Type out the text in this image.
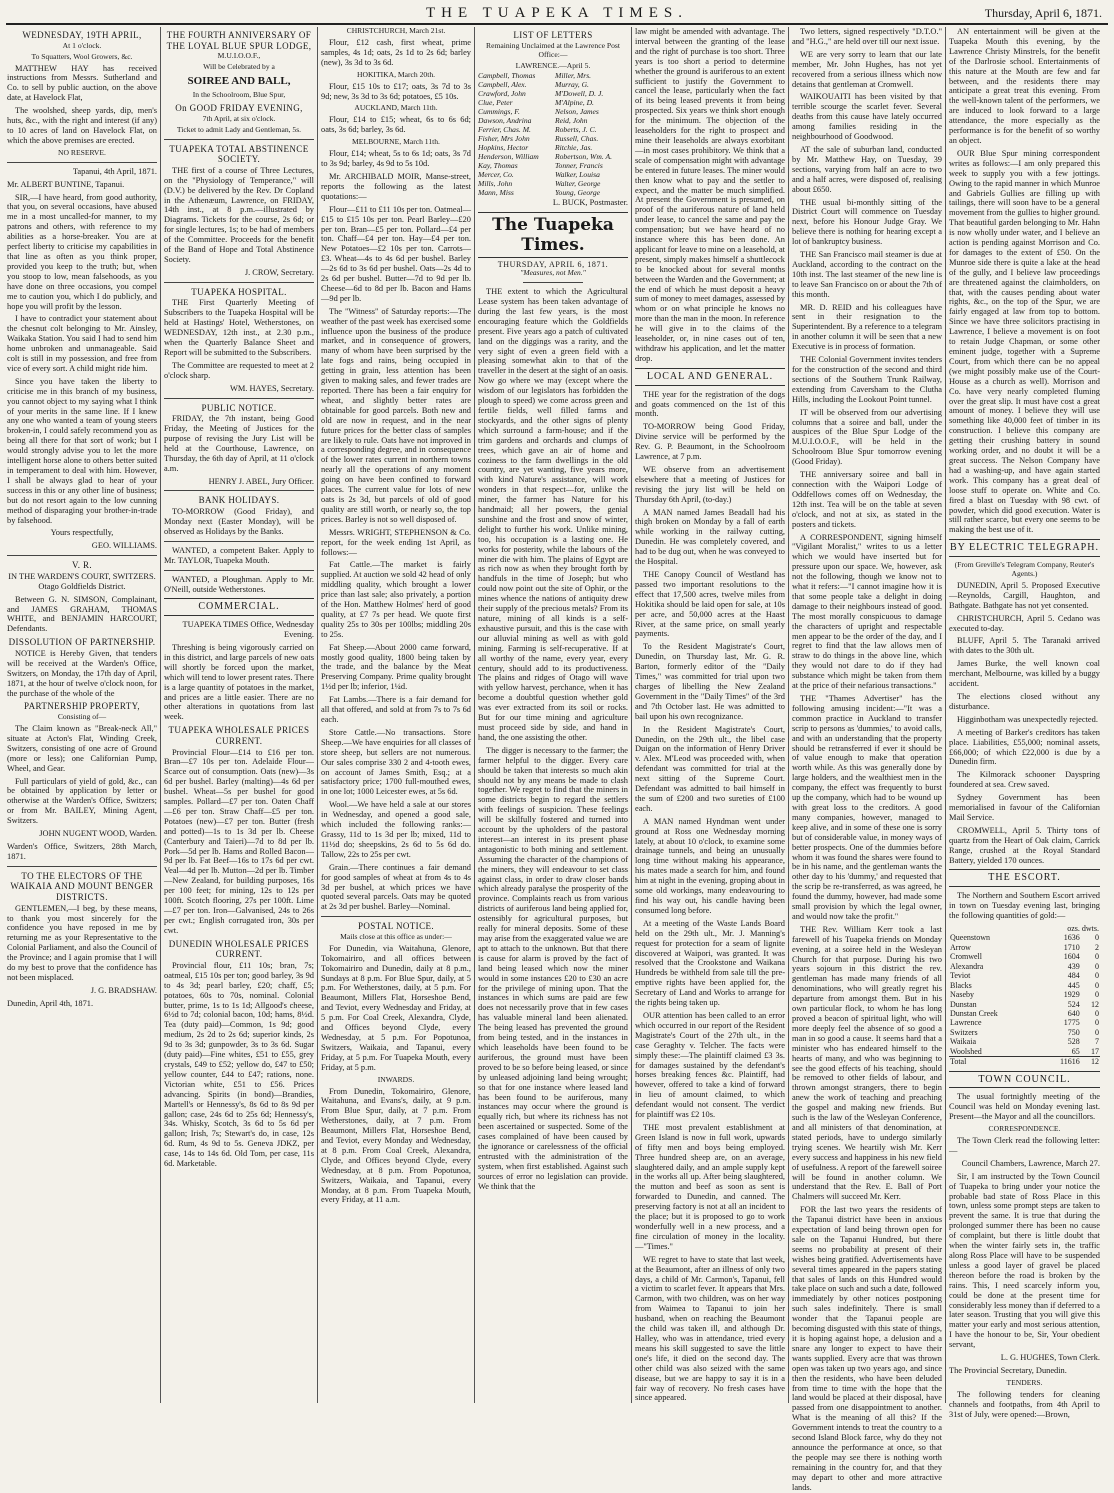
THE TUAPEKA TIMES.	Thursday, April 6, 1871.
WEDNESDAY, 19TH APRIL,
At 1 o'clock.
To Squatters, Wool Growers, &c.

MATTHEW HAY has received instructions from Messrs. Sutherland and Co. to sell by public auction, on the above date, at Havelock Flat,

The woolshed, sheep yards, dip, men's huts, &c., with the right and interest (if any) to 10 acres of land on Havelock Flat, on which the above premises are erected.

NO RESERVE.

Tapanui, 4th April, 1871.

Mr. ALBERT BUNTINE, Tapanui.

SIR,—I have heard, from good authority, that you, on several occasions, have abused me in a most uncalled-for manner, to my patrons and others, with reference to my abilities as a horse-breaker. You are at perfect liberty to criticise my capabilities in that line as often as you think proper, provided you keep to the truth; but, when you stoop to low, mean falsehoods, as you have done on three occasions, you compel me to caution you, which I do publicly, and hope you will profit by the lesson.

I have to contradict your statement about the chesnut colt belonging to Mr. Ainsley, Waikaka Station. You said I had to send him home unbroken and unmanageable. Said colt is still in my possession, and free from vice of every sort. A child might ride him.

Since you have taken the liberty to criticise me in this branch of my business, you cannot object to my saying what I think of your merits in the same line. If I knew any one who wanted a team of young steers broken-in, I could safely recommend you as being all there for that sort of work; but I would strongly advise you to let the more intelligent horse alone to others better suited in temperament to deal with him. However, I shall be always glad to hear of your success in this or any other line of business; but do not resort again to the low cunning method of disparaging your brother-in-trade by falsehood.

Yours respectfully,

GEO. WILLIAMS.

V. R.

IN THE WARDEN'S COURT, SWITZERS. Otago Goldfields District.

Between G. N. SIMSON, Complainant, and JAMES GRAHAM, THOMAS WHITE, and BENJAMIN HARCOURT, Defendants.

DISSOLUTION OF PARTNERSHIP.

NOTICE is Hereby Given, that tenders will be received at the Warden's Office, Switzers, on Monday, the 17th day of April, 1871, at the hour of twelve o'clock noon, for the purchase of the whole of the

PARTNERSHIP PROPERTY,
Consisting of—

The Claim known as "Break-neck All," situate at Acton's Flat, Winding Creek, Switzers, consisting of one acre of Ground (more or less); one Californian Pump, Wheel, and Gear.

Full particulars of yield of gold, &c., can be obtained by application by letter or otherwise at the Warden's Office, Switzers; or from Mr. BAILEY, Mining Agent, Switzers.

JOHN NUGENT WOOD, Warden.

Warden's Office, Switzers, 28th March, 1871.

TO THE ELECTORS OF THE WAIKAIA AND MOUNT BENGER DISTRICTS.

GENTLEMEN,—I beg, by these means, to thank you most sincerely for the confidence you have reposed in me by returning me as your Representative to the Colonial Parliament, and also the Council of the Province; and I again promise that I will do my best to prove that the confidence has not been misplaced.

J. G. BRADSHAW.

Dunedin, April 4th, 1871.

THE FOURTH ANNIVERSARY OF THE LOYAL BLUE SPUR LODGE,
M.U.I.O.O.F.,
Will be Celebrated by a
SOIREE AND BALL,
In the Schoolroom, Blue Spur,
On GOOD FRIDAY EVENING,
7th April, at six o'clock.
Ticket to admit Lady and Gentleman, 5s.
TUAPEKA TOTAL ABSTINENCE SOCIETY.

THE first of a course of Three Lectures, on the "Physiology of Temperance," will (D.V.) be delivered by the Rev. Dr Copland in the Athenæum, Lawrence, on FRIDAY, 14th inst., at 8 p.m.—illustrated by Diagrams. Tickets for the course, 2s 6d; or for single lectures, 1s; to be had of members of the Committee. Proceeds for the benefit of the Band of Hope and Total Abstinence Society.

J. CROW, Secretary.

TUAPEKA HOSPITAL.

THE First Quarterly Meeting of Subscribers to the Tuapeka Hospital will be held at Hastings' Hotel, Wetherstones, on WEDNESDAY, 12th inst., at 2.30 p.m., when the Quarterly Balance Sheet and Report will be submitted to the Subscribers.

The Committee are requested to meet at 2 o'clock sharp.

WM. HAYES, Secretary.

PUBLIC NOTICE.

FRIDAY, the 7th instant, being Good Friday, the Meeting of Justices for the purpose of revising the Jury List will be held at the Courthouse, Lawrence, on Thursday, the 6th day of April, at 11 o'clock a.m.

HENRY J. ABEL, Jury Officer.

BANK HOLIDAYS.

TO-MORROW (Good Friday), and Monday next (Easter Monday), will be observed as Holidays by the Banks.

WANTED, a competent Baker. Apply to Mr. TAYLOR, Tuapeka Mouth.

WANTED, a Ploughman. Apply to Mr. O'Neill, outside Wetherstones.

COMMERCIAL.

TUAPEKA TIMES Office, Wednesday Evening.

Threshing is being vigorously carried on in this district, and large parcels of new oats will shortly be forced upon the market, which will tend to lower present rates. There is a large quantity of potatoes in the market, and prices are a little easier. There are no other alterations in quotations from last week.

TUAPEKA WHOLESALE PRICES CURRENT.

Provincial Flour—£14 to £16 per ton. Bran—£7 10s per ton. Adelaide Flour—Scarce out of consumption. Oats (new)—3s 6d per bushel. Barley (malting)—4s 6d per bushel. Wheat—5s per bushel for good samples. Pollard—£7 per ton. Oaten Chaff—£6 per ton. Straw Chaff—£5 per ton. Potatoes (new)—£7 per ton. Butter (fresh and potted)—1s to 1s 3d per lb. Cheese (Canterbury and Taieri)—7d to 8d per lb. Pork—5d per lb. Hams and Rolled Bacon—9d per lb. Fat Beef—16s to 17s 6d per cwt. Veal—4d per lb. Mutton—2d per lb. Timber—New Zealand, for building purposes, 16s per 100 feet; for mining, 12s to 12s per 100ft. Scotch flooring, 27s per 100ft. Lime—£7 per ton. Iron—Galvanised, 24s to 26s per cwt.; English corrugated iron, 30s per cwt.

DUNEDIN WHOLESALE PRICES CURRENT.

Provincial flour, £11 10s; bran, 7s; oatmeal, £15 10s per ton; good barley, 3s 9d to 4s 3d; pearl barley, £20; chaff, £5; potatoes, 60s to 70s, nominal. Colonial butter, prime, 1s to 1s 1d; Allgood's cheese, 6½d to 7d; colonial bacon, 10d; hams, 8½d. Tea (duty paid)—Common, 1s 9d; good medium, 2s 2d to 2s 6d; superior kinds, 2s 9d to 3s 3d; gunpowder, 3s to 3s 6d. Sugar (duty paid)—Fine whites, £51 to £55, grey crystals, £49 to £52; yellow do, £47 to £50; yellow counter, £44 to £47; rations, none. Victorian white, £51 to £56. Prices advancing. Spirits (in bond)—Brandies, Martell's or Hennessy's, 8s 6d to 8s 9d per gallon; case, 24s 6d to 25s 6d; Hennessy's, 34s. Whisky, Scotch, 3s 6d to 5s 6d per gallon; Irish, 7s; Stewart's do, in case, 12s 6d. Rum, 4s 9d to 5s. Geneva JDKZ, per case, 14s to 14s 6d. Old Tom, per case, 11s 6d. Marketable.

CHRISTCHURCH, March 21st.

Flour, £12 cash, first wheat, prime samples, 4s 1d; oats, 2s 1d to 2s 6d; barley (new), 3s 3d to 3s 6d.

HOKITIKA, March 20th.

Flour, £15 10s to £17; oats, 3s 7d to 3s 9d; new, 3s 3d to 3s 6d; potatoes, £5 10s.

AUCKLAND, March 11th.

Flour, £14 to £15; wheat, 6s to 6s 6d; oats, 3s 6d; barley, 3s 6d.

MELBOURNE, March 11th.

Flour, £14; wheat, 5s to 6s 1d; oats, 3s 7d to 3s 9d; barley, 4s 9d to 5s 10d.

Mr. ARCHIBALD MOIR, Manse-street, reports the following as the latest quotations:—

Flour—£11 to £11 10s per ton. Oatmeal—£15 to £15 10s per ton. Pearl Barley—£20 per ton. Bran—£5 per ton. Pollard—£4 per ton. Chaff—£4 per ton. Hay—£4 per ton. New Potatoes—£2 10s per ton. Carrots—£3. Wheat—4s to 4s 6d per bushel. Barley—2s 6d to 3s 6d per bushel. Oats—2s 4d to 2s 6d per bushel. Butter—7d to 9d per lb. Cheese—6d to 8d per lb. Bacon and Hams—9d per lb.

The "Witness" of Saturday reports:—The weather of the past week has exercised some influence upon the business of the produce market, and in consequence of growers, many of whom have been surprised by the late fogs and rains, being occupied in getting in grain, less attention has been given to making sales, and fewer trades are reported. There has been a fair enquiry for wheat, and slightly better rates are obtainable for good parcels. Both new and old are now in request, and in the near future prices for the better class of samples are likely to rule. Oats have not improved in a corresponding degree, and in consequence of the lower rates current in northern towns nearly all the operations of any moment going on have been confined to forward places. The current value for lots of new oats is 2s 3d, but parcels of old of good quality are still worth, or nearly so, the top prices. Barley is not so well disposed of.

Messrs. WRIGHT, STEPHENSON & Co. report, for the week ending 1st April, as follows:—

Fat Cattle.—The market is fairly supplied. At auction we sold 42 head of only middling quality, which brought a lower price than last sale; also privately, a portion of the Hon. Matthew Holmes' herd of good quality, at £7 7s per head. We quote first quality 25s to 30s per 100lbs; middling 20s to 25s.

Fat Sheep.—About 2000 came forward, mostly good quality, 1800 being taken by the trade, and the balance by the Meat Preserving Company. Prime quality brought 1½d per lb; inferior, 1¼d.

Fat Lambs.—There is a fair demand for all that offered, and sold at from 7s to 7s 6d each.

Store Cattle.—No transactions. Store Sheep.—We have enquiries for all classes of store sheep, but sellers are not numerous. Our sales comprise 330 2 and 4-tooth ewes, on account of James Smith, Esq.; at a satisfactory price; 1700 full-mouthed ewes, in one lot; 1000 Leicester ewes, at 5s 6d.

Wool.—We have held a sale at our stores in Wednesday, and opened a good sale, which included the following ranks:—Grassy, 11d to 1s 3d per lb; mixed, 11d to 11½d do; sheepskins, 2s 6d to 5s 6d do. Tallow, 22s to 25s per cwt.

Grain.—There continues a fair demand for good samples of wheat at from 4s to 4s 3d per bushel, at which prices we have quoted several parcels. Oats may be quoted at 2s 3d per bushel. Barley—Nominal.

POSTAL NOTICE.
Mails close at this office as under:—

For Dunedin, via Waitahuna, Glenore, Tokomairiro, and all offices between Tokomairiro and Dunedin, daily at 8 p.m., Sundays at 8 p.m. For Blue Spur, daily, at 5 p.m. For Wetherstones, daily, at 5 p.m. For Beaumont, Millers Flat, Horseshoe Bend, and Teviot, every Wednesday and Friday, at 5 p.m. For Coal Creek, Alexandra, Clyde, and Offices beyond Clyde, every Wednesday, at 5 p.m. For Popotunoa, Switzers, Waikaia, and Tapanui, every Friday, at 5 p.m. For Tuapeka Mouth, every Friday, at 5 p.m.

INWARDS.

From Dunedin, Tokomairiro, Glenore, Waitahuna, and Evans's, daily, at 9 p.m. From Blue Spur, daily, at 7 p.m. From Wetherstones, daily, at 7 p.m. From Beaumont, Millers Flat, Horseshoe Bend, and Teviot, every Monday and Wednesday, at 8 p.m. From Coal Creek, Alexandra, Clyde, and Offices beyond Clyde, every Wednesday, at 8 p.m. From Popotunoa, Switzers, Waikaia, and Tapanui, every Monday, at 8 p.m. From Tuapeka Mouth, every Friday, at 11 a.m.

LIST OF LETTERS
Remaining Unclaimed at the Lawrence Post Office:—
LAWRENCE.—April 5.
Campbell, Thomas	Miller, Mrs.
Campbell, Alex.	Murray, G.
Crawford, John	M'Dowell, D. J.
Clue, Peter	M'Alpine, D.
Cummings, F.	Nelson, James
Dawson, Andrina	Reid, John
Ferrier, Chas. M.	Roberts, J. C.
Fisher, Mrs John	Russell, Chas.
Hopkins, Hector	Ritchie, Jas.
Henderson, William	Robertson, Wm. A.
Kay, Thomas	Tonner, Francis
Mercer, Co.	Walker, Louisa
Mills, John	Walter, George
Mann, Miss	Young, George

L. BUCK, Postmaster.

The Tuapeka Times.
THURSDAY, APRIL 6, 1871.
"Measures, not Men."

THE extent to which the Agricultural Lease system has been taken advantage of during the last few years, is the most encouraging feature which the Goldfields present. Five years ago a patch of cultivated land on the diggings was a rarity, and the very sight of even a green field with a pleasing somewhat akin to that of the traveller in the desert at the sight of an oasis. Now go where we may (except where the wisdom of our legislators has forbidden the plough to speed) we come across green and fertile fields, well filled farms and stockyards, and the other signs of plenty which surround a farm-house; and if the trim gardens and orchards and clumps of trees, which gave an air of home and coziness to the farm dwellings in the old country, are yet wanting, five years more, with kind Nature's assistance, will work wonders in that respect—for, unlike the miner, the farmer has Nature for his handmaid; all her powers, the genial sunshine and the frost and snow of winter, delight to further his work. Unlike mining, too, his occupation is a lasting one. He works for posterity, while the labours of the miner die with him. The plains of Egypt are as rich now as when they brought forth by handfuls in the time of Joseph; but who could now point out the site of Ophir, or the mines whence the nations of antiquity drew their supply of the precious metals? From its nature, mining of all kinds is a self-exhaustive pursuit, and this is the case with our alluvial mining as well as with gold mining. Farming is self-recuperative. If at all worthy of the name, every year, every century, should add to its productiveness. The plains and ridges of Otago will wave with yellow harvest, perchance, when it has become a doubtful question whether gold was ever extracted from its soil or rocks. But for our time mining and agriculture must proceed side by side, and hand in hand, the one assisting the other.

The digger is necessary to the farmer; the farmer helpful to the digger. Every care should be taken that interests so much akin should not by any means be made to clash together. We regret to find that the miners in some districts begin to regard the settlers with feelings of suspicion. These feelings will be skilfully fostered and turned into account by the upholders of the pastoral interest—an interest in its present phase antagonistic to both mining and settlement. Assuming the character of the champions of the miners, they will endeavour to set class against class, in order to draw closer bands which already paralyse the prosperity of the province. Complaints reach us from various districts of auriferous land being applied for, ostensibly for agricultural purposes, but really for mineral deposits. Some of these may arise from the exaggerated value we are apt to attach to the unknown. But that there is cause for alarm is proved by the fact of land being leased which now the miner would in some instances £20 to £30 an acre for the privilege of mining upon. That the instances in which sums are paid are few does not necessarily prove that in few cases has valuable mineral land been alienated. The being leased has prevented the ground from being tested, and in the instances in which leaseholds have been found to be auriferous, the ground must have been proved to be so before being leased, or since by unleased adjoining land being wrought; so that for one instance where leased land has been found to be auriferous, many instances may occur where the ground is equally rich, but where its richness has not been ascertained or suspected. Some of the cases complained of have been caused by the ignorance or carelessness of the official entrusted with the administration of the system, when first established. Against such sources of error no legislation can provide. We think that the

law might be amended with advantage. The interval between the granting of the lease and the right of purchase is too short. Three years is too short a period to determine whether the ground is auriferous to an extent sufficient to justify the Government to cancel the lease, particularly when the fact of its being leased prevents it from being prospected. Six years we think short enough for the minimum. The objection of the leaseholders for the right to prospect and mine their leaseholds are always exorbitant—in most cases prohibitory. We think that a scale of compensation might with advantage be entered in future leases. The miner would then know what to pay and the settler to expect, and the matter be much simplified. At present the Government is presumed, on proof of the auriferous nature of land held under lease, to cancel the same and pay the compensation; but we have heard of no instance where this has been done. An applicant for leave to mine on a leasehold, at present, simply makes himself a shuttlecock to be knocked about for several months between the Warden and the Government; at the end of which he must deposit a heavy sum of money to meet damages, assessed by whom or on what principle he knows no more than the man in the moon. In reference he will give in to the claims of the leaseholder, or, in nine cases out of ten, withdraw his application, and let the matter drop.

LOCAL AND GENERAL.

THE year for the registration of the dogs and goats commenced on the 1st of this month.

TO-MORROW being Good Friday, Divine service will be performed by the Rev. G. P. Beaumont, in the Schoolroom Lawrence, at 7 p.m.

WE observe from an advertisement elsewhere that a meeting of Justices for revising the jury list will be held on Thursday 6th April, (to-day.)

A MAN named James Beadall had his thigh broken on Monday by a fall of earth while working in the railway cutting, Dunedin. He was completely covered, and had to be dug out, when he was conveyed to the Hospital.

THE Canopy Council of Westland has passed two important resolutions to the effect that 17,500 acres, twelve miles from Hokitika should be laid open for sale, at 10s per acre, and 50,000 acres at the Haast River, at the same price, on small yearly payments.

To the Resident Magistrate's Court, Dunedin, on Thursday last, Mr. G. R. Barton, formerly editor of the "Daily Times," was committed for trial upon two charges of libelling the New Zealand Government in the "Daily Times" of the 3rd and 7th October last. He was admitted to bail upon his own recognizance.

In the Resident Magistrate's Court, Dunedin, on the 29th ult., the libel case Duigan on the information of Henry Driver v. Alex. M'Leod was proceeded with, when defendant was committed for trial at the next sitting of the Supreme Court. Defendant was admitted to bail himself in the sum of £200 and two sureties of £100 each.

A MAN named Hyndman went under ground at Ross one Wednesday morning lately, at about 10 o'clock, to examine some drainage tunnels, and being an unusually long time without making his appearance, his mates made a search for him, and found him at night in the evening, groping about in some old workings, many endeavouring to find his way out, his candle having been consumed long before.

At a meeting of the Waste Lands Board held on the 29th ult., Mr. J. Manning's request for protection for a seam of lignite discovered at Waipori, was granted. It was resolved that the Crookstone and Waikana Hundreds be withheld from sale till the pre-emptive rights have been applied for, the Secretary of Land and Works to arrange for the rights being taken up.

OUR attention has been called to an error which occurred in our report of the Resident Magistrate's Court of the 27th ult., in the case Geraghty v. Telcher. The facts were simply these:—The plaintiff claimed £3 3s. for damages sustained by the defendant's horses breaking fences &c. Plaintiff, had however, offered to take a kind of forward in lieu of amount claimed, to which defendant would not consent. The verdict for plaintiff was £2 10s.

THE most prevalent establishment at Green Island is now in full work, upwards of fifty men and boys being employed. Three hundred sheep are, on an average, slaughtered daily, and an ample supply kept in the works all up. After being slaughtered, the mutton and beef as soon as sent is forwarded to Dunedin, and canned. The preserving factory is not at all an incident to the place; but it is proposed to go to work wonderfully well in a new process, and a fine circulation of money in the locality.—"Times."

WE regret to have to state that last week, at the Beaumont, after an illness of only two days, a child of Mr. Carmon's, Tapanui, fell a victim to scarlet fever. It appears that Mrs. Carmon, with two children, was on her way from Waimea to Tapanui to join her husband, when on reaching the Beaumont the child was taken ill, and although Dr. Halley, who was in attendance, tried every means his skill suggested to save the little one's life, it died on the second day. The other child was also seized with the same disease, but we are happy to say it is in a fair way of recovery. No fresh cases have since appeared.

Two letters, signed respectively "D.T.O." and "H.G.," are held over till our next issue.

WE are very sorry to learn that our late member, Mr. John Hughes, has not yet recovered from a serious illness which now detains that gentleman at Cromwell.

WAIKOUAITI has been visited by that terrible scourge the scarlet fever. Several deaths from this cause have lately occurred among families residing in the neighbourhood of Goodwood.

AT the sale of suburban land, conducted by Mr. Matthew Hay, on Tuesday, 39 sections, varying from half an acre to two and a half acres, were disposed of, realising about £650.

THE usual bi-monthly sitting of the District Court will commence on Tuesday next, before his Honour Judge Gray. We believe there is nothing for hearing except a lot of bankruptcy business.

THE San Francisco mail steamer is due at Auckland, according to the contract on the 10th inst. The last steamer of the new line is to leave San Francisco on or about the 7th of this month.

MR. D. REID and his colleagues have sent in their resignation to the Superintendent. By a reference to a telegram in another column it will be seen that a new Executive is in process of formation.

THE Colonial Government invites tenders for the construction of the second and third sections of the Southern Trunk Railway, extending from Caversham to the Clutha Hills, including the Lookout Point tunnel.

IT will be observed from our advertising columns that a soiree and ball, under the auspices of the Blue Spur Lodge of the M.U.I.O.O.F., will be held in the Schoolroom Blue Spur tomorrow evening (Good Friday).

THE anniversary soiree and ball in connection with the Waipori Lodge of Oddfellows comes off on Wednesday, the 12th inst. Tea will be on the table at seven o'clock, and not at six, as stated in the posters and tickets.

A CORRESPONDENT, signing himself "Vigilant Moralist," writes to us a letter which we would have inserted but for pressure upon our space. We, however, ask not the following, though we know not to what it refers:—"I cannot imagine how it is that some people take a delight in doing damage to their neighbours instead of good. The most morally conspicuous to damage the characters of upright and respectable men appear to be the order of the day, and I regret to find that the law allows men of straw to do things in the above line, which they would not dare to do if they had substance which might be taken from them at the price of their nefarious transactions."

THE "Thames Advertiser" has the following amusing incident:—"It was a common practice in Auckland to transfer scrip to persons as 'dummies,' to avoid calls, and with an understanding that the property should be retransferred if ever it should be of value enough to make that operation worth while. As this was generally done by large holders, and the wealthiest men in the company, the effect was frequently to burst up the company, which had to be wound up with great loss to the creditors. A good many companies, however, managed to keep alive, and in some of these one is sorry but of considerable value, in money ways of better prospects. One of the dummies before whom it was found the shares were found to be in his name, and the gentleman wants the other day to his 'dummy,' and requested that the scrip be re-transferred, as was agreed, he found the dummy, however, had made some small provision by which the legal owner, and would now take the profit."

THE Rev. William Kerr took a last farewell of his Tuapeka friends on Monday evening, at a soiree held in the Wesleyan Church for that purpose. During his two years sojourn in this district the rev. gentleman has made many friends of all denominations, who will greatly regret his departure from amongst them. But in his own particular flock, to whom he has long proved a beacon of spiritual light, who will more deeply feel the absence of so good a man in so good a cause. It seems hard that a minister who has endeared himself to the hearts of many, and who was beginning to see the good effects of his teaching, should be removed to other fields of labour, and thrown amongst strangers, there to begin anew the work of teaching and preaching the gospel and making new friends. But such is the law of the Wesleyan Conference, and all ministers of that denomination, at stated periods, have to undergo similarly trying scenes. We heartily wish Mr. Kerr every success and happiness in his new field of usefulness. A report of the farewell soiree will be found in another column. We understand that the Rev. E. Ball of Port Chalmers will succeed Mr. Kerr.

FOR the last two years the residents of the Tapanui district have been in anxious expectation of land being thrown open for sale on the Tapanui Hundred, but there seems no probability at present of their wishes being gratified. Advertisements have several times appeared in the papers stating that sales of lands on this Hundred would take place on such and such a date, followed immediately by other notices postponing such sales indefinitely. There is small wonder that the Tapanui people are becoming disgusted with this state of things, it is hoping against hope, a delusion and a snare any longer to expect to have their wants supplied. Every acre that was thrown open was taken up two years ago, and since then the residents, who have been deluded from time to time with the hope that the land would be placed at their disposal, have passed from one disappointment to another. What is the meaning of all this? If the Government intends to treat the country to a second Island Block farce, why do they not announce the performance at once, so that the people may see there is nothing worth remaining in the country for, and that they may depart to other and more attractive lands.

AN entertainment will be given at the Tuapeka Mouth this evening, by the Lawrence Christy Minstrels, for the benefit of the Darlrosie school. Entertainments of this nature at the Mouth are few and far between, and the residents there may anticipate a great treat this evening. From the well-known talent of the performers, we are induced to look forward to a large attendance, the more especially as the performance is for the benefit of so worthy an object.

OUR Blue Spur mining correspondent writes as follows:—I am only prepared this week to supply you with a few jottings. Owing to the rapid manner in which Munroe and Gabriels Gullies are filling up with tailings, there will soon have to be a general movement from the gullies to higher ground. That beautiful garden belonging to Mr. Hahn is now wholly under water, and I believe an action is pending against Morrison and Co. for damages to the extent of £50. On the Munroe side there is quite a lake at the head of the gully, and I believe law proceedings are threatened against the claimholders, on that, with the causes pending about water rights, &c., on the top of the Spur, we are fairly engaged at law from top to bottom. Since we have three solicitors practising in Lawrence, I believe a movement is on foot to retain Judge Chapman, or some other eminent judge, together with a Supreme Court, from which there can be no appeal (we might possibly make use of the Court-House as a church as well). Morrison and Co. have very nearly completed fluming over the great slip. It must have cost a great amount of money. I believe they will use something like 40,000 feet of timber in its construction. I believe this company are getting their crushing battery in sound working order, and no doubt it will be a great success. The Nelson Company have had a washing-up, and have again started work. This company has a great deal of loose stuff to operate on. White and Co. fired a blast on Tuesday with 98 cwt. of powder, which did good execution. Water is still rather scarce, but every one seems to be making the best use of it.

BY ELECTRIC TELEGRAPH.
(From Greville's Telegram Company, Reuter's Agents.)

DUNEDIN, April 5. Proposed Executive—Reynolds, Cargill, Haughton, and Bathgate. Bathgate has not yet consented.

CHRISTCHURCH, April 5. Cedano was executed to-day.

BLUFF, April 5. The Taranaki arrived with dates to the 30th ult.

James Burke, the well known coal merchant, Melbourne, was killed by a buggy accident.

The elections closed without any disturbance.

Higginbotham was unexpectedly rejected.

A meeting of Barker's creditors has taken place. Liabilities, £55,000; nominal assets, £66,000; of which £22,000 is due by a Dunedin firm.

The Kilmorack schooner Dayspring foundered at sea. Crew saved.

Sydney Government has been memorialised in favour of the Californian Mail Service.

CROMWELL, April 5. Thirty tons of quartz from the Heart of Oak claim, Carrick Range, crushed at the Royal Standard Battery, yielded 170 ounces.

THE ESCORT.

The Northern and Southern Escort arrived in town on Tuesday evening last, bringing the following quantities of gold:—

	ozs. dwts.	
Queenstown	1636	0
Arrow	1710	2
Cromwell	1604	0
Alexandra	439	0
Teviot	484	0
Blacks	445	0
Naseby	1929	0
Dunstan	524	12
Dunstan Creek	640	0
Lawrence	1775	0
Switzers	750	0
Waikaia	528	7
Woolshed	65	17
Total	11616	12
TOWN COUNCIL.

The usual fortnightly meeting of the Council was held on Monday evening last. Present—the Mayor and all the councillors.

CORRESPONDENCE.

The Town Clerk read the following letter:—

Council Chambers, Lawrence, March 27.

Sir, I am instructed by the Town Council of Tuapeka to bring under your notice the probable bad state of Ross Place in this town, unless some prompt steps are taken to prevent the same. It is true that during the prolonged summer there has been no cause of complaint, but there is little doubt that when the winter fairly sets in, the traffic along Ross Place will have to be suspended unless a good layer of gravel be placed thereon before the road is broken by the rains. This, I need scarcely inform you, could be done at the present time for considerably less money than if deferred to a later season. Trusting that you will give this matter your early and most serious attention, I have the honour to be, Sir, Your obedient servant,

L. G. HUGHES, Town Clerk.

The Provincial Secretary, Dunedin.

TENDERS.

The following tenders for cleaning channels and footpaths, from 4th April to 31st of July, were opened:—Brown,
